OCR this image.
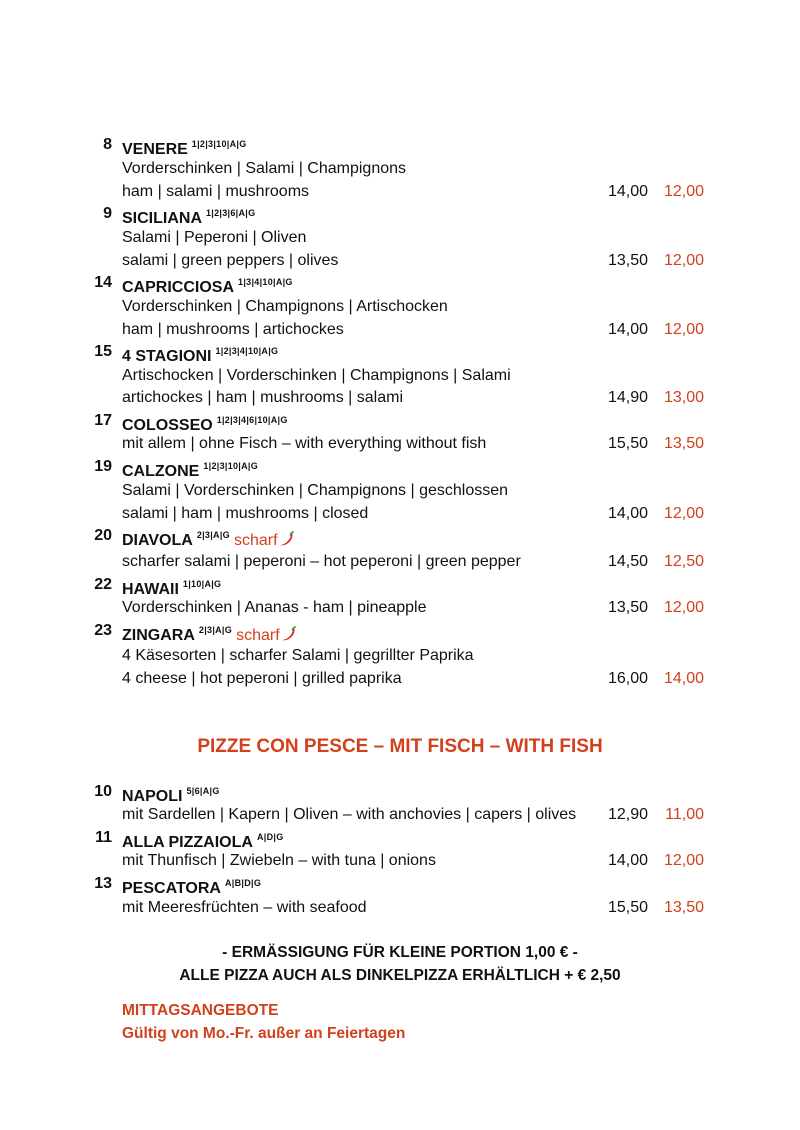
8 VENERE $^{1|2|3|10|A|G}$
Vorderschinken | Salami | Champignons
ham | salami | mushrooms	14,00 12,00
9 SICILIANA $^{1|2|3|6|A|G}$
Salami | Peperoni | Oliven
salami | green peppers | olives	13,50 12,00
14 CAPRICCIOSA $^{1|3|4|10|A|G}$
Vorderschinken | Champignons | Artischocken
ham | mushrooms | artichockes	14,00 12,00
15 4 STAGIONI $^{1|2|3|4|10|A|G}$
Artischocken | Vorderschinken | Champignons | Salami
artichockes | ham | mushrooms | salami	14,90 13,00
17 COLOSSEO $^{1|2|3|4|6|10|A|G}$
mit allem | ohne Fisch – with everything without fish	15,50 13,50
19 CALZONE $^{1|2|3|10|A|G}$
Salami | Vorderschinken | Champignons | geschlossen
salami | ham | mushrooms | closed	14,00 12,00
20 DIAVOLA $^{2|3|A|G}$ scharf
scharfer salami | peperoni – hot peperoni | green pepper	14,50 12,50
22 HAWAII $^{1|10|A|G}$
Vorderschinken | Ananas - ham | pineapple	13,50 12,00
23 ZINGARA $^{2|3|A|G}$ scharf
4 Käsesorten | scharfer Salami | gegrillter Paprika
4 cheese | hot peperoni | grilled paprika	16,00 14,00
PIZZE CON PESCE – MIT FISCH – WITH FISH
10 NAPOLI $^{5|6|A|G}$
mit Sardellen | Kapern | Oliven – with anchovies | capers | olives 12,90 11,00
11 ALLA PIZZAIOLA $^{A|D|G}$
mit Thunfisch | Zwiebeln – with tuna | onions	14,00 12,00
13 PESCATORA $^{A|B|D|G}$
mit Meeresfrüchten – with seafood	15,50 13,50
- ERMÄSSIGUNG FÜR KLEINE PORTION 1,00 € -
ALLE PIZZA AUCH ALS DINKELPIZZA ERHÄLTLICH + € 2,50
MITTAGSANGEBOTE
Gültig von Mo.-Fr. außer an Feiertagen
